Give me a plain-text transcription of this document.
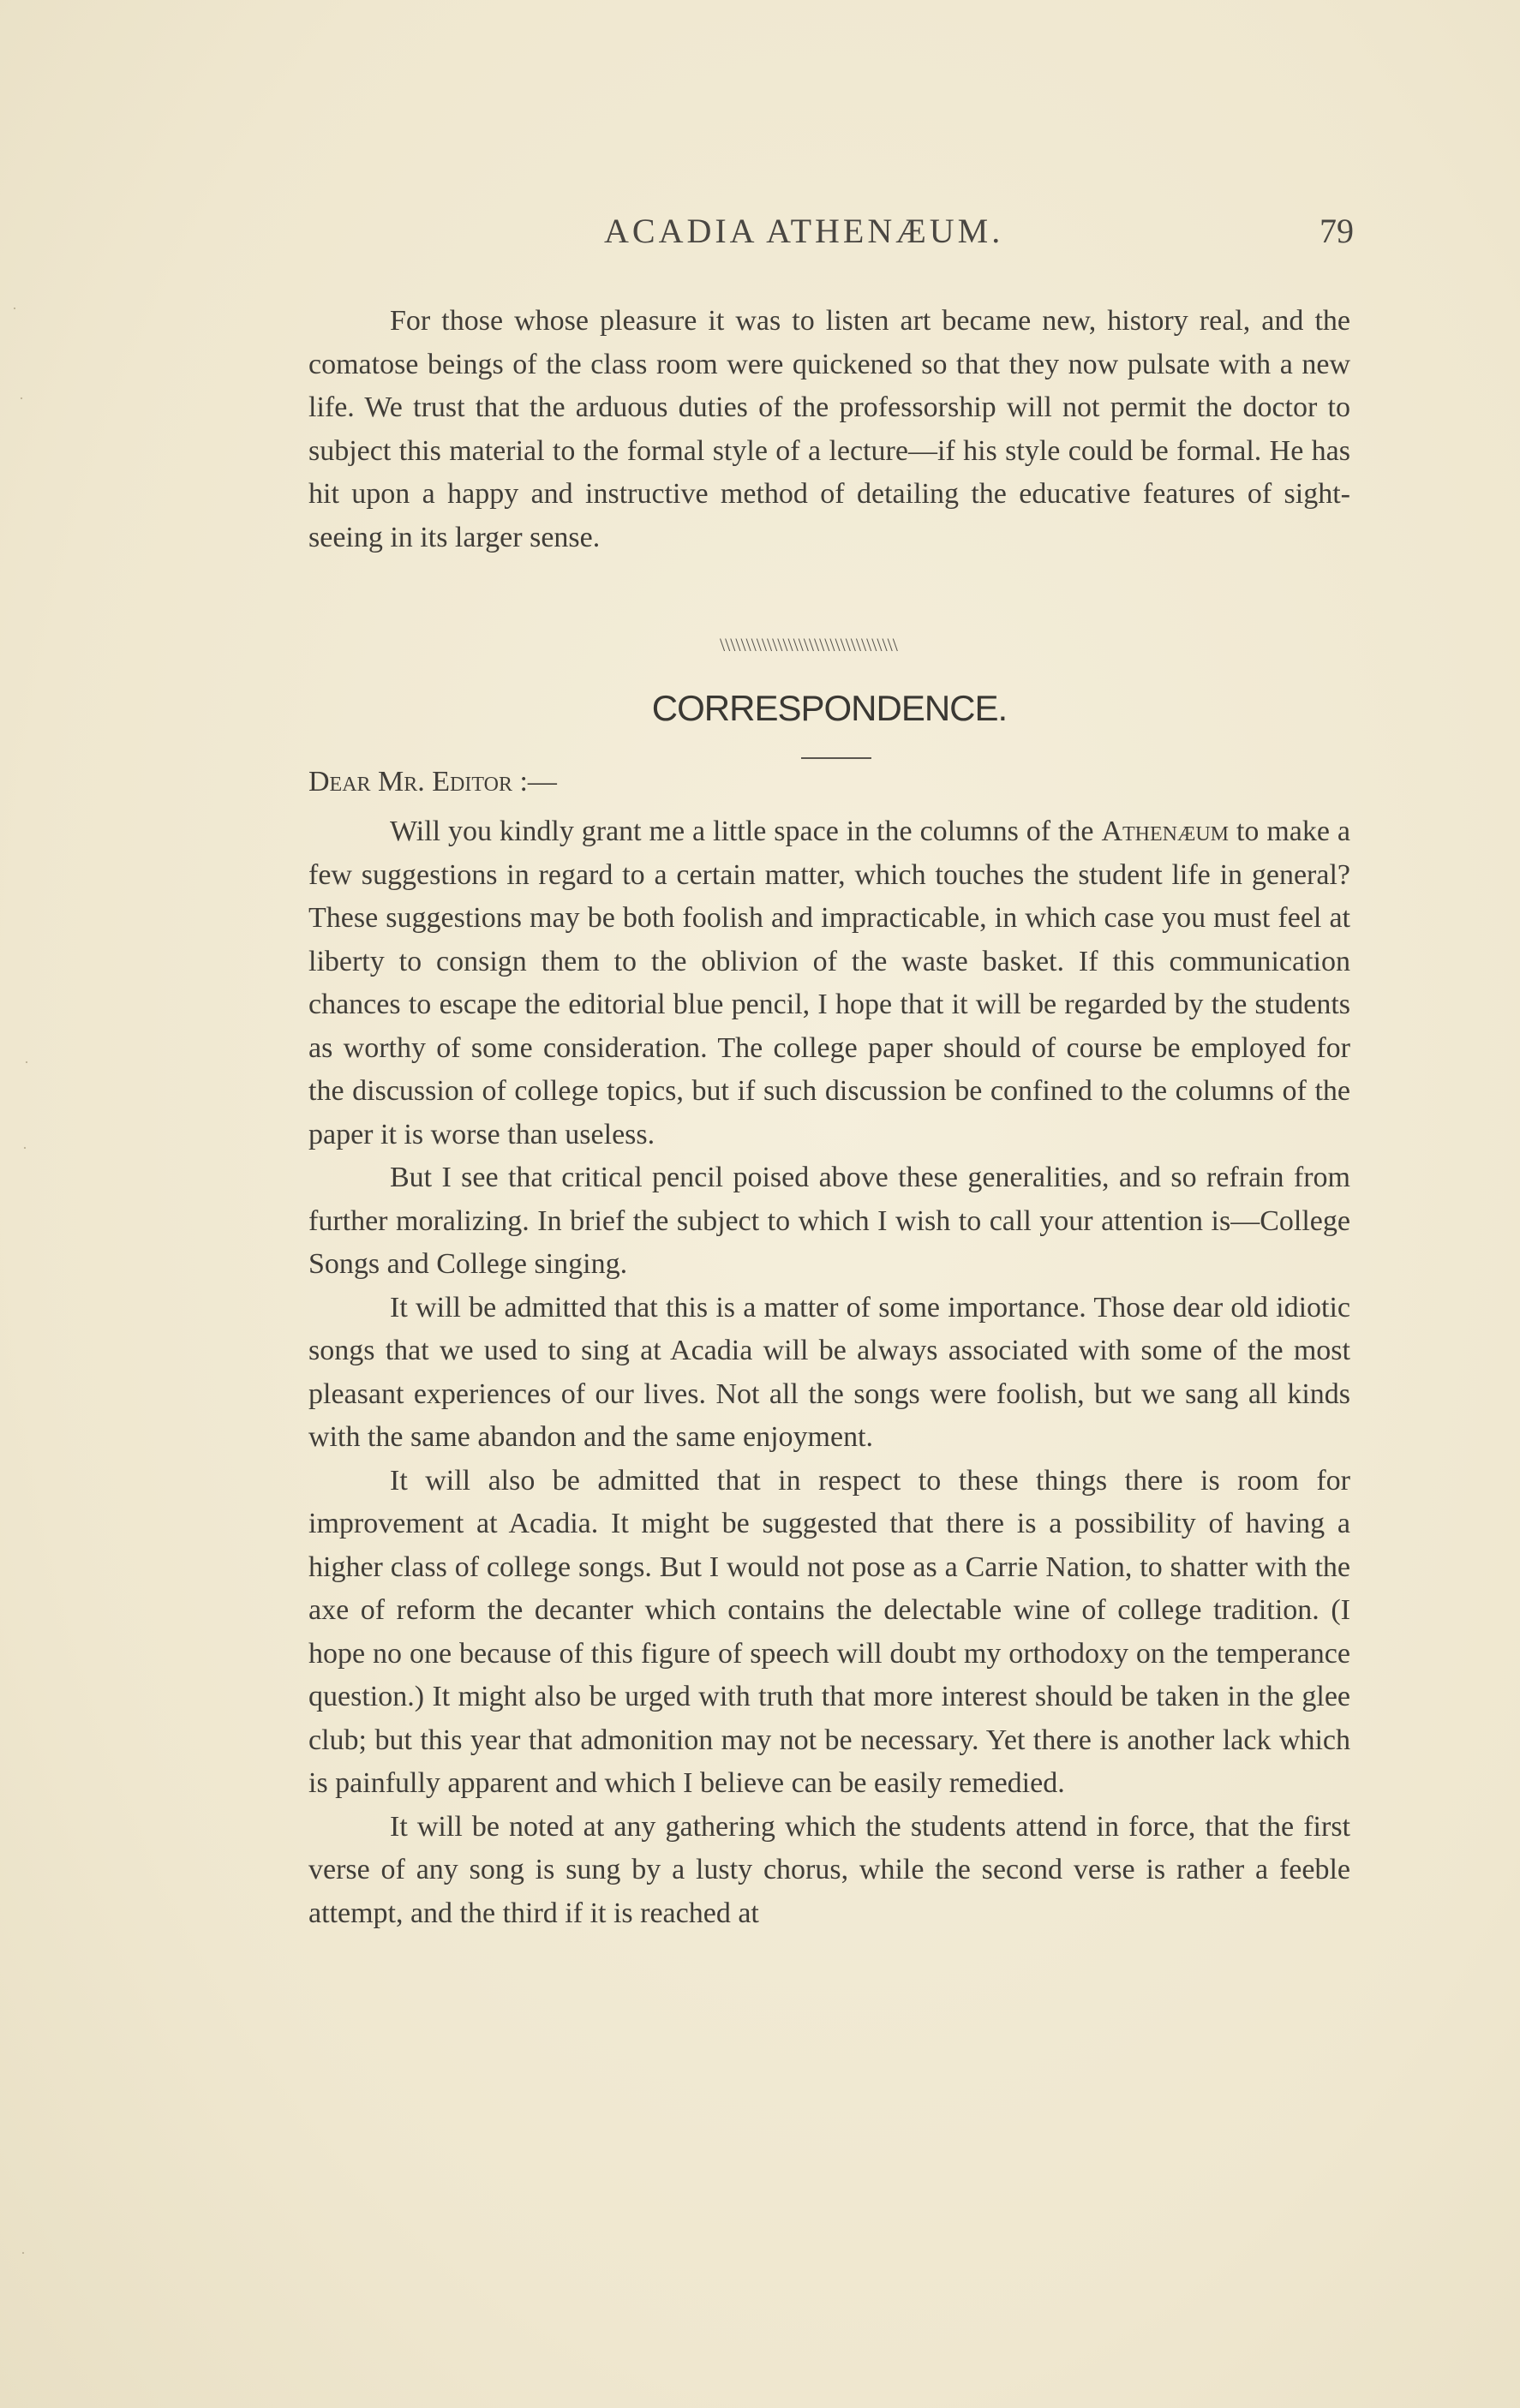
·
·
·
·
·
ACADIA ATHENÆUM.	79

For those whose pleasure it was to listen art became new, history real, and the comatose beings of the class room were quickened so that they now pulsate with a new life. We trust that the arduous duties of the professorship will not permit the doctor to subject this material to the formal style of a lecture—if his style could be formal. He has hit upon a happy and instructive method of detailing the educative features of sight-seeing in its larger sense.

\\\\\\\\\\\\\\\\\\\\\\\\\\\\\\\\\\
CORRESPONDENCE.
Dear Mr. Editor :—

Will you kindly grant me a little space in the columns of the Athenæum to make a few suggestions in regard to a certain matter, which touches the student life in general? These suggestions may be both foolish and impracticable, in which case you must feel at liberty to consign them to the oblivion of the waste basket. If this communication chances to escape the editorial blue pencil, I hope that it will be regarded by the students as worthy of some consideration. The college paper should of course be employed for the discussion of college topics, but if such discussion be confined to the columns of the paper it is worse than useless.

But I see that critical pencil poised above these generalities, and so refrain from further moralizing. In brief the subject to which I wish to call your attention is—College Songs and College singing.

It will be admitted that this is a matter of some importance. Those dear old idiotic songs that we used to sing at Acadia will be always associated with some of the most pleasant experiences of our lives. Not all the songs were foolish, but we sang all kinds with the same abandon and the same enjoyment.

It will also be admitted that in respect to these things there is room for improvement at Acadia. It might be suggested that there is a possibility of having a higher class of college songs. But I would not pose as a Carrie Nation, to shatter with the axe of reform the decanter which contains the delectable wine of college tradition. (I hope no one because of this figure of speech will doubt my orthodoxy on the temperance question.) It might also be urged with truth that more interest should be taken in the glee club; but this year that admonition may not be necessary. Yet there is another lack which is painfully apparent and which I believe can be easily remedied.

It will be noted at any gathering which the students attend in force, that the first verse of any song is sung by a lusty chorus, while the second verse is rather a feeble attempt, and the third if it is reached at
